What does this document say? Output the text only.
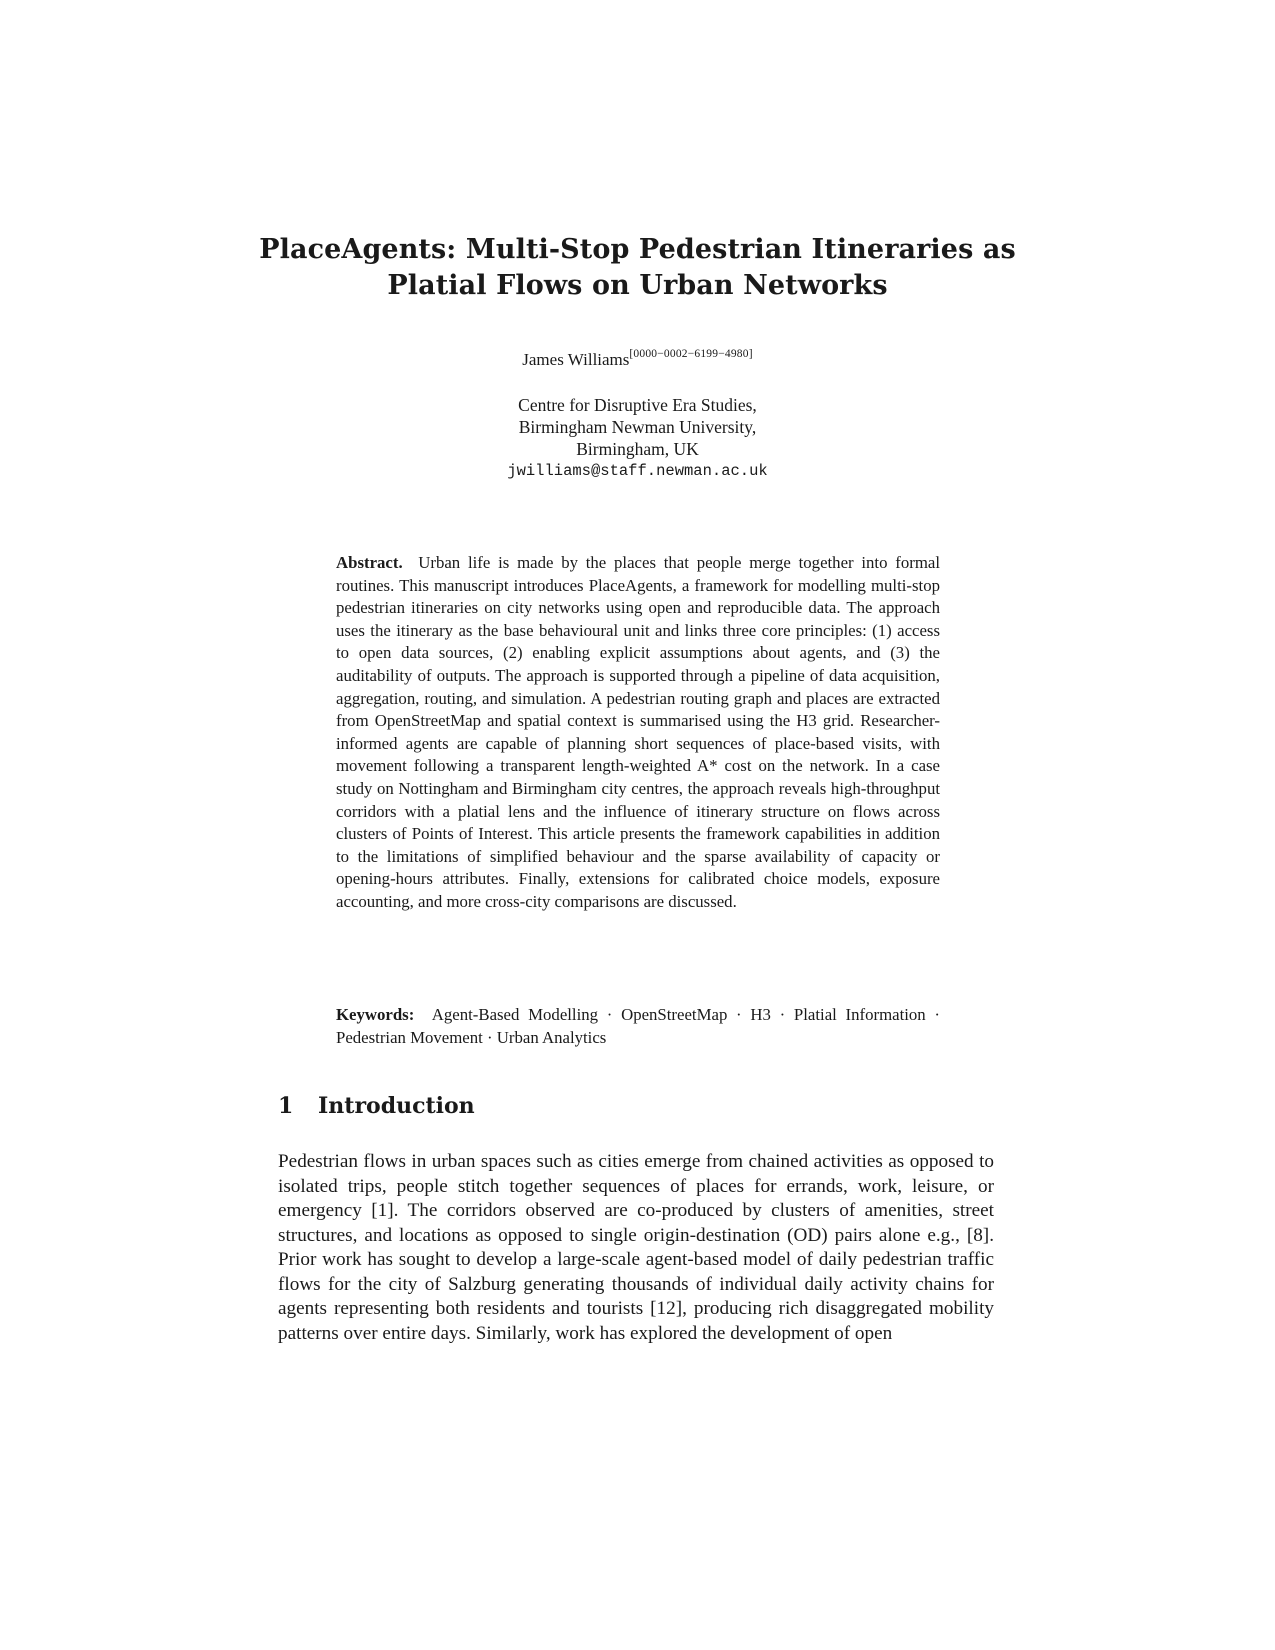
PlaceAgents: Multi-Stop Pedestrian Itineraries as
Platial Flows on Urban Networks
James Williams[0000−0002−6199−4980]
Centre for Disruptive Era Studies,
Birmingham Newman University,
Birmingham, UK
jwilliams@staff.newman.ac.uk

Abstract. Urban life is made by the places that people merge together into formal routines. This manuscript introduces PlaceAgents, a framework for modelling multi-stop pedestrian itineraries on city networks using open and reproducible data. The approach uses the itinerary as the base behavioural unit and links three core principles: (1) access to open data sources, (2) enabling explicit assumptions about agents, and (3) the auditability of outputs. The approach is supported through a pipeline of data acquisition, aggregation, routing, and simulation. A pedestrian routing graph and places are extracted from OpenStreetMap and spatial context is summarised using the H3 grid. Researcher-informed agents are capable of planning short sequences of place-based visits, with movement following a transparent length-weighted A* cost on the network. In a case study on Nottingham and Birmingham city centres, the approach reveals high-throughput corridors with a platial lens and the influence of itinerary structure on flows across clusters of Points of Interest. This article presents the framework capabilities in addition to the limitations of simplified behaviour and the sparse availability of capacity or opening-hours attributes. Finally, extensions for calibrated choice models, exposure accounting, and more cross-city comparisons are discussed.

Keywords: Agent-Based Modelling · OpenStreetMap · H3 · Platial Information · Pedestrian Movement · Urban Analytics
1 Introduction

Pedestrian flows in urban spaces such as cities emerge from chained activities as opposed to isolated trips, people stitch together sequences of places for errands, work, leisure, or emergency [1]. The corridors observed are co-produced by clusters of amenities, street structures, and locations as opposed to single origin-destination (OD) pairs alone e.g., [8]. Prior work has sought to develop a large-scale agent-based model of daily pedestrian traffic flows for the city of Salzburg generating thousands of individual daily activity chains for agents representing both residents and tourists [12], producing rich disaggregated mobility patterns over entire days. Similarly, work has explored the development of open
